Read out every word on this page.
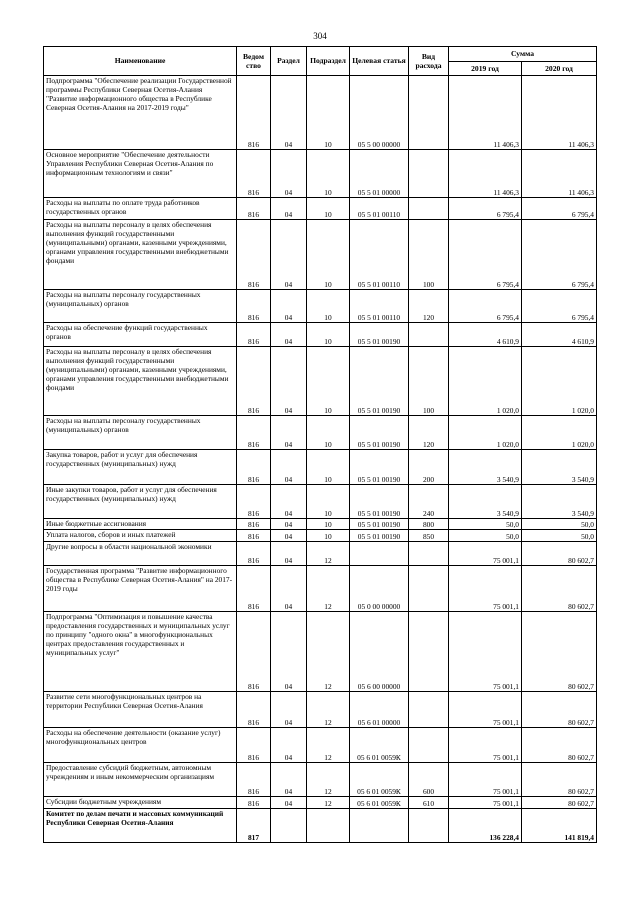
304
Наименование	Ведом ство	Раздел	Подраздел	Целевая статья	Вид расхода	Сумма	
						2019 год	2020 год
Подпрограмма "Обеспечение реализации Государственной программы Республики Северная Осетия-Алания "Развитие информационного общества в Республике Северная Осетия-Алания на 2017-2019 годы"	816	04	10	05 5 00 00000		11 406,3	11 406,3
Основное мероприятие "Обеспечение деятельности Управления Республики Северная Осетия-Алания по информационным технологиям и связи"	816	04	10	05 5 01 00000		11 406,3	11 406,3
Расходы на выплаты по оплате труда работников государственных органов	816	04	10	05 5 01 00110		6 795,4	6 795,4
Расходы на выплаты персоналу в целях обеспечения выполнения функций государственными (муниципальными) органами, казенными учреждениями, органами управления государственными внебюджетными фондами	816	04	10	05 5 01 00110	100	6 795,4	6 795,4
Расходы на выплаты персоналу государственных (муниципальных) органов	816	04	10	05 5 01 00110	120	6 795,4	6 795,4
Расходы на обеспечение функций государственных органов	816	04	10	05 5 01 00190		4 610,9	4 610,9
Расходы на выплаты персоналу в целях обеспечения выполнения функций государственными (муниципальными) органами, казенными учреждениями, органами управления государственными внебюджетными фондами	816	04	10	05 5 01 00190	100	1 020,0	1 020,0
Расходы на выплаты персоналу государственных (муниципальных) органов	816	04	10	05 5 01 00190	120	1 020,0	1 020,0
Закупка товаров, работ и услуг для обеспечения государственных (муниципальных) нужд	816	04	10	05 5 01 00190	200	3 540,9	3 540,9
Иные закупки товаров, работ и услуг для обеспечения государственных (муниципальных) нужд	816	04	10	05 5 01 00190	240	3 540,9	3 540,9
Иные бюджетные ассигнования	816	04	10	05 5 01 00190	800	50,0	50,0
Уплата налогов, сборов и иных платежей	816	04	10	05 5 01 00190	850	50,0	50,0
Другие вопросы в области национальной экономики	816	04	12			75 001,1	80 602,7
Государственная программа "Развитие информационного общества в Республике Северная Осетия-Алания" на 2017-2019 годы	816	04	12	05 0 00 00000		75 001,1	80 602,7
Подпрограмма "Оптимизация и повышение качества предоставления государственных и муниципальных услуг по принципу "одного окна" в многофункциональных центрах предоставления государственных и муниципальных услуг"	816	04	12	05 6 00 00000		75 001,1	80 602,7
Развитие сети многофункциональных центров на территории Республики Северная Осетия-Алания	816	04	12	05 6 01 00000		75 001,1	80 602,7
Расходы на обеспечение деятельности (оказание услуг) многофункциональных центров	816	04	12	05 6 01 0059К		75 001,1	80 602,7
Предоставление субсидий бюджетным, автономным учреждениям и иным некоммерческим организациям	816	04	12	05 6 01 0059К	600	75 001,1	80 602,7
Субсидии бюджетным учреждениям	816	04	12	05 6 01 0059К	610	75 001,1	80 602,7
Комитет по делам печати и массовых коммуникаций Республики Северная Осетия-Алания	817					136 228,4	141 819,4
